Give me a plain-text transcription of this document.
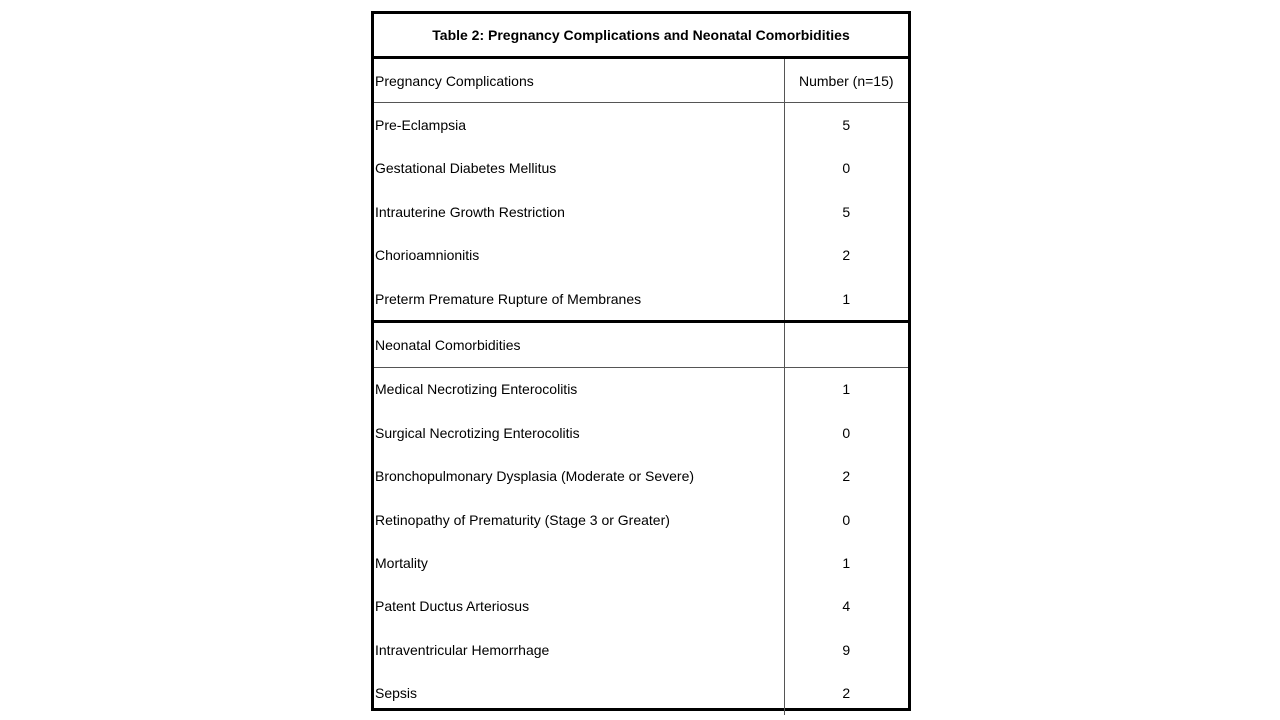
Table 2: Pregnancy Complications and Neonatal Comorbidities	
Pregnancy Complications	Number (n=15)
Pre-Eclampsia	5
Gestational Diabetes Mellitus	0
Intrauterine Growth Restriction	5
Chorioamnionitis	2
Preterm Premature Rupture of Membranes	1
Neonatal Comorbidities	
Medical Necrotizing Enterocolitis	1
Surgical Necrotizing Enterocolitis	0
Bronchopulmonary Dysplasia (Moderate or Severe)	2
Retinopathy of Prematurity (Stage 3 or Greater)	0
Mortality	1
Patent Ductus Arteriosus	4
Intraventricular Hemorrhage	9
Sepsis	2
